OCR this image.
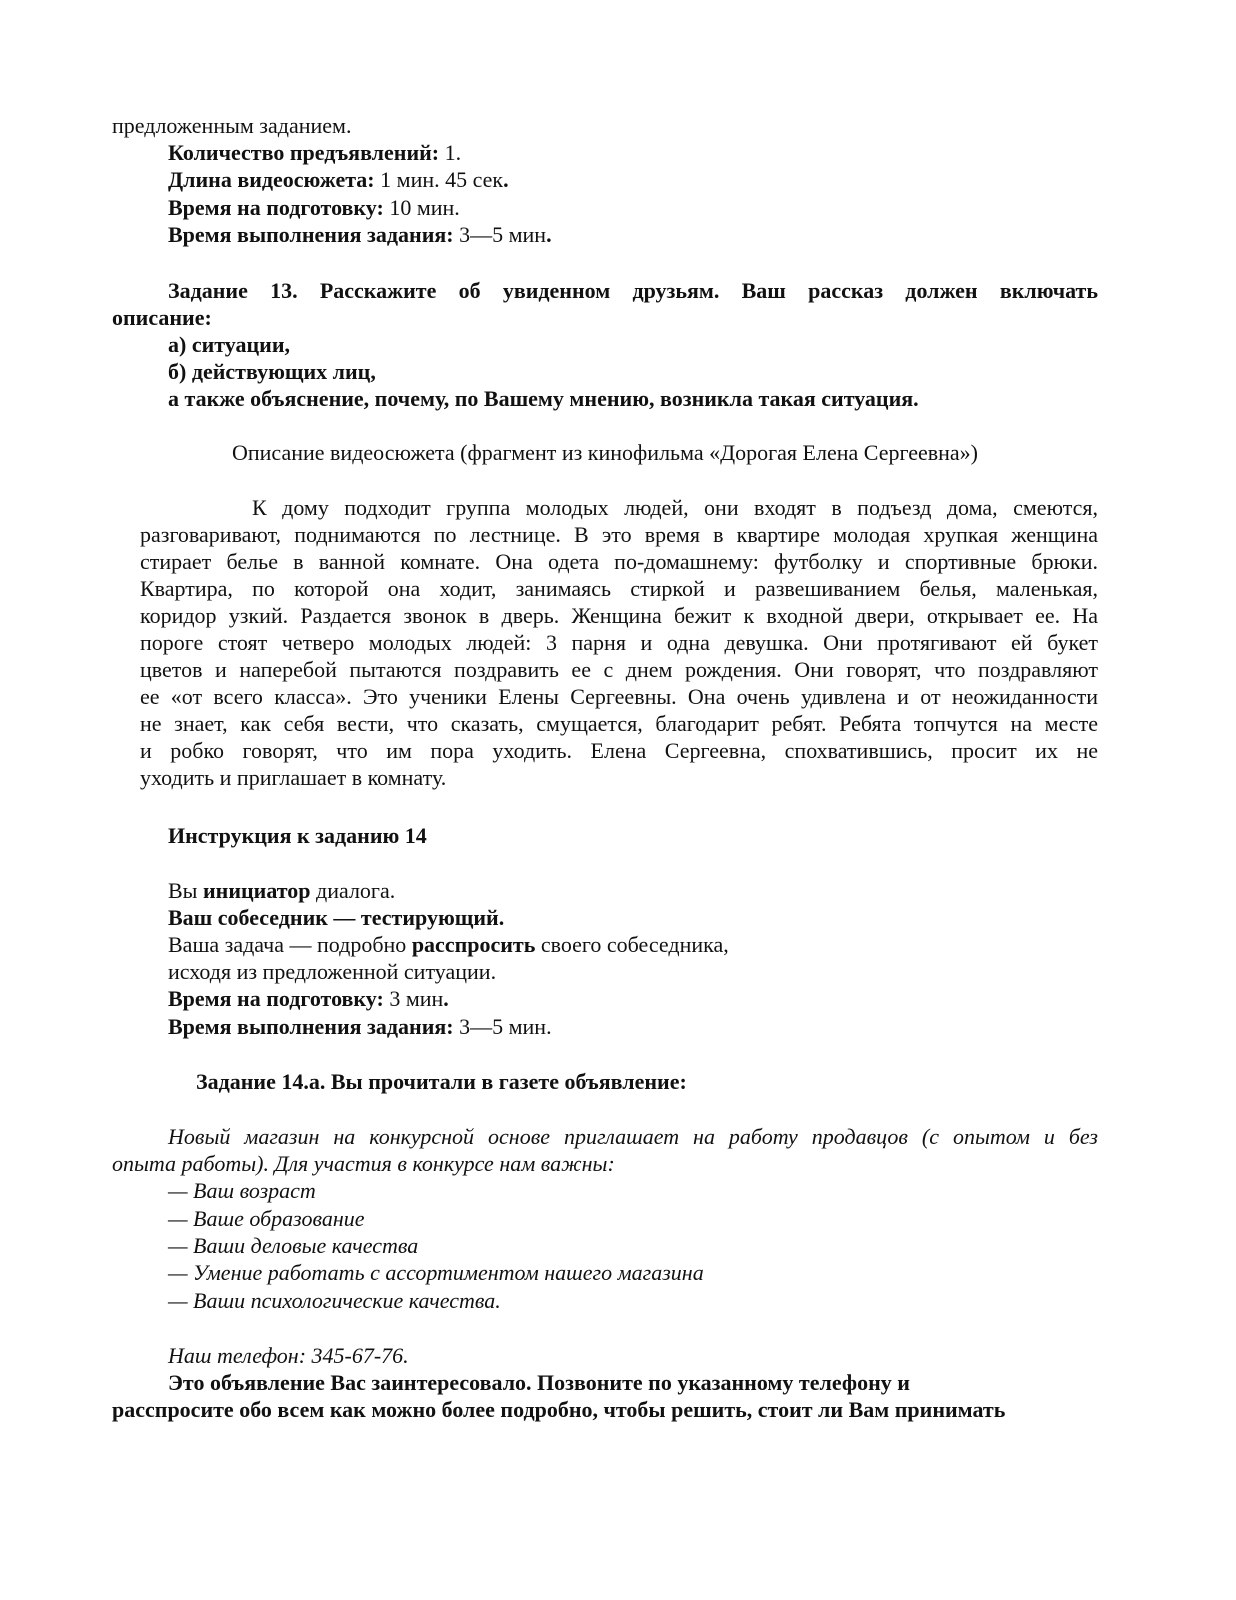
предложенным заданием.
Количество предъявлений: 1.
Длина видеосюжета: 1 мин. 45 сек.
Время на подготовку: 10 мин.
Время выполнения задания: 3—5 мин.
Задание 13. Расскажите об увиденном друзьям. Ваш рассказ должен включать
описание:
а) ситуации,
б) действующих лиц,
а также объяснение, почему, по Вашему мнению, возникла такая ситуация.
Описание видеосюжета (фрагмент из кинофильма «Дорогая Елена Сергеевна»)
К дому подходит группа молодых людей, они входят в подъезд дома, смеются,
разговаривают, поднимаются по лестнице. В это время в квартире молодая хрупкая женщина
стирает белье в ванной комнате. Она одета по-домашнему: футболку и спортивные брюки.
Квартира, по которой она ходит, занимаясь стиркой и развешиванием белья, маленькая,
коридор узкий. Раздается звонок в дверь. Женщина бежит к входной двери, открывает ее. На
пороге стоят четверо молодых людей: 3 парня и одна девушка. Они протягивают ей букет
цветов и наперебой пытаются поздравить ее с днем рождения. Они говорят, что поздравляют
ее «от всего класса». Это ученики Елены Сергеевны. Она очень удивлена и от неожиданности
не знает, как себя вести, что сказать, смущается, благодарит ребят. Ребята топчутся на месте
и робко говорят, что им пора уходить. Елена Сергеевна, спохватившись, просит их не
уходить и приглашает в комнату.
Инструкция к заданию 14
Вы инициатор диалога.
Ваш собеседник — тестирующий.
Ваша задача — подробно расспросить своего собеседника,
исходя из предложенной ситуации.
Время на подготовку: 3 мин.
Время выполнения задания: 3—5 мин.
Задание 14.а. Вы прочитали в газете объявление:
Новый магазин на конкурсной основе приглашает на работу продавцов (с опытом и без
опыта работы). Для участия в конкурсе нам важны:
— Ваш возраст
— Ваше образование
— Ваши деловые качества
— Умение работать с ассортиментом нашего магазина
— Ваши психологические качества.
Наш телефон: 345-67-76.
Это объявление Вас заинтересовало. Позвоните по указанному телефону и
расспросите обо всем как можно более подробно, чтобы решить, стоит ли Вам принимать
